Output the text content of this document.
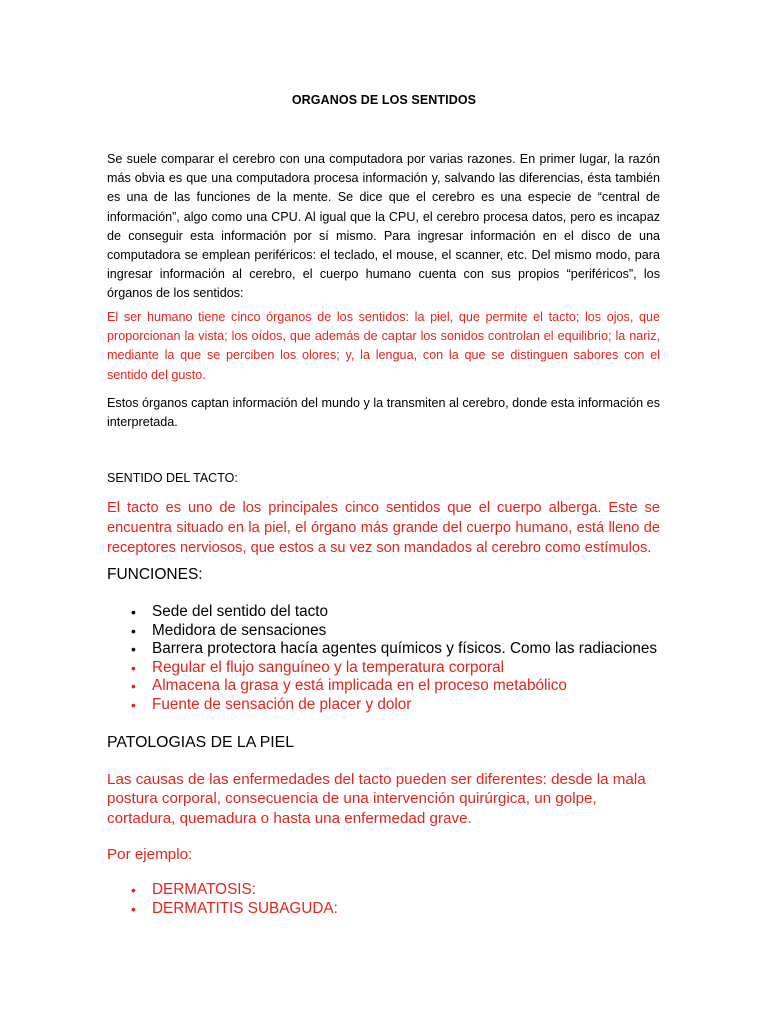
ORGANOS DE LOS SENTIDOS
Se suele comparar el cerebro con una computadora por varias razones. En primer lugar, la razón más obvia es que una computadora procesa información y, salvando las diferencias, ésta también es una de las funciones de la mente. Se dice que el cerebro es una especie de “central de información”, algo como una CPU. Al igual que la CPU, el cerebro procesa datos, pero es incapaz de conseguir esta información por sí mismo. Para ingresar información en el disco de una computadora se emplean periféricos: el teclado, el mouse, el scanner, etc. Del mismo modo, para ingresar información al cerebro, el cuerpo humano cuenta con sus propios “periféricos”, los órganos de los sentidos:
El ser humano tiene cinco órganos de los sentidos: la piel, que permite el tacto; los ojos, que proporcionan la vista; los oídos, que además de captar los sonidos controlan el equilibrio; la nariz, mediante la que se perciben los olores; y, la lengua, con la que se distinguen sabores con el sentido del gusto.
Estos órganos captan información del mundo y la transmiten al cerebro, donde esta información es interpretada.
SENTIDO DEL TACTO:
El tacto es uno de los principales cinco sentidos que el cuerpo alberga. Este se encuentra situado en la piel, el órgano más grande del cuerpo humano, está lleno de receptores nerviosos, que estos a su vez son mandados al cerebro como estímulos.
FUNCIONES:
• Sede del sentido del tacto
• Medidora de sensaciones
• Barrera protectora hacía agentes químicos y físicos. Como las radiaciones
• Regular el flujo sanguíneo y la temperatura corporal
• Almacena la grasa y está implicada en el proceso metabólico
• Fuente de sensación de placer y dolor
PATOLOGIAS DE LA PIEL
Las causas de las enfermedades del tacto pueden ser diferentes: desde la mala postura corporal, consecuencia de una intervención quirúrgica, un golpe, cortadura, quemadura o hasta una enfermedad grave.
Por ejemplo:
• DERMATOSIS:
• DERMATITIS SUBAGUDA:
